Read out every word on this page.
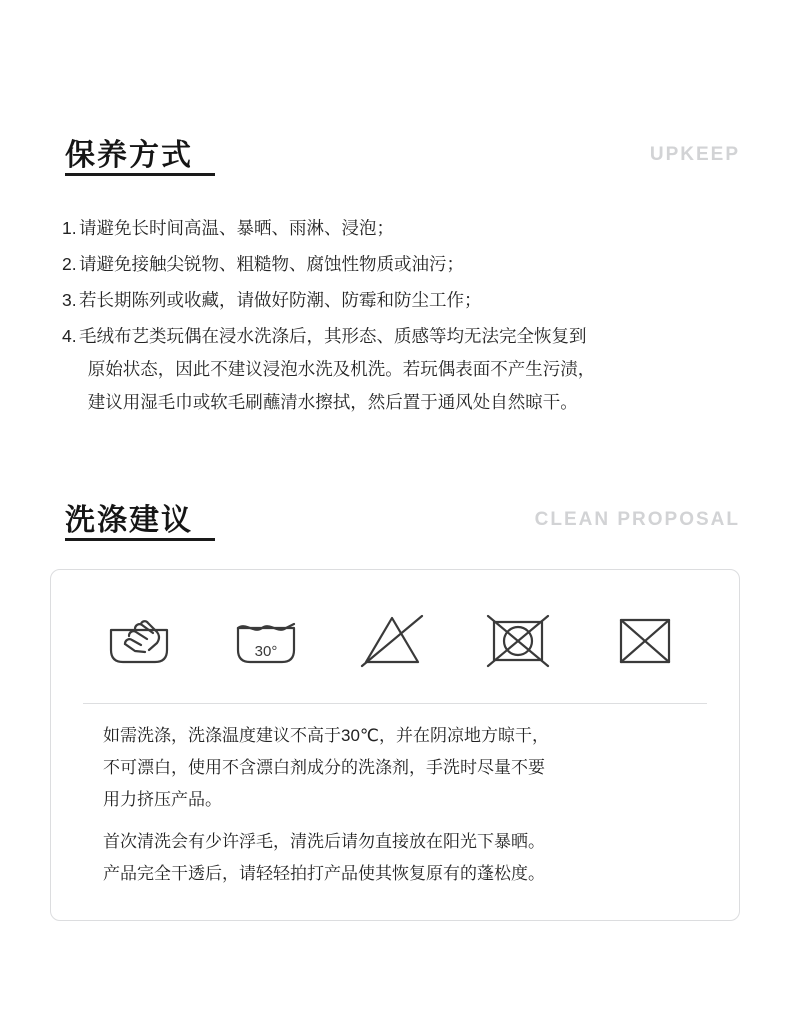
保养方式	UPKEEP
1. 请避免长时间高温、暴晒、雨淋、浸泡；
2. 请避免接触尖锐物、粗糙物、腐蚀性物质或油污；
3. 若长期陈列或收藏，请做好防潮、防霉和防尘工作；
4. 毛绒布艺类玩偶在浸水洗涤后，其形态、质感等均无法完全恢复到
原始状态，因此不建议浸泡水洗及机洗。若玩偶表面不产生污渍，
建议用湿毛巾或软毛刷蘸清水擦拭，然后置于通风处自然晾干。
洗涤建议	CLEAN PROPOSAL
30°

如需洗涤，洗涤温度建议不高于30℃，并在阴凉地方晾干，
不可漂白，使用不含漂白剂成分的洗涤剂，手洗时尽量不要
用力挤压产品。

首次清洗会有少许浮毛，清洗后请勿直接放在阳光下暴晒。
产品完全干透后，请轻轻拍打产品使其恢复原有的蓬松度。
